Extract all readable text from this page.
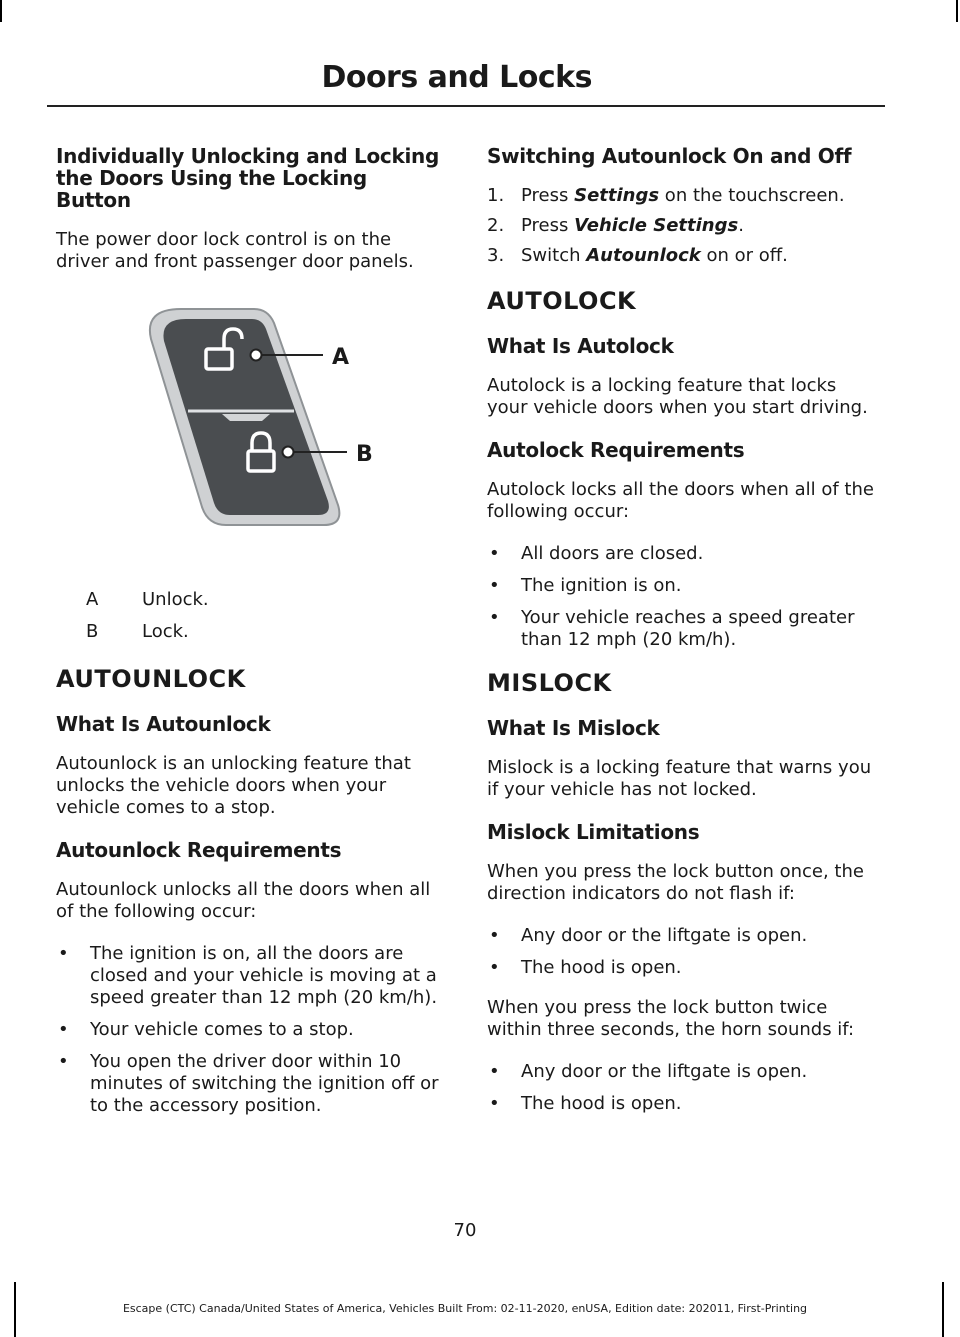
Doors and Locks
Individually Unlocking and Locking the Doors Using the Locking Button

The power door lock control is on the driver and front passenger door panels.

A
B
A	Unlock.
B	Lock.
AUTOUNLOCK
What Is Autounlock

Autounlock is an unlocking feature that unlocks the vehicle doors when your vehicle comes to a stop.

Autounlock Requirements

Autounlock unlocks all the doors when all of the following occur:

• The ignition is on, all the doors are closed and your vehicle is moving at a speed greater than 12 mph (20 km/h).
• Your vehicle comes to a stop.
• You open the driver door within 10 minutes of switching the ignition off or to the accessory position.
Switching Autounlock On and Off
1. Press Settings on the touchscreen.
2. Press Vehicle Settings.
3. Switch Autounlock on or off.
AUTOLOCK
What Is Autolock

Autolock is a locking feature that locks your vehicle doors when you start driving.

Autolock Requirements

Autolock locks all the doors when all of the following occur:

• All doors are closed.
• The ignition is on.
• Your vehicle reaches a speed greater than 12 mph (20 km/h).
MISLOCK
What Is Mislock

Mislock is a locking feature that warns you if your vehicle has not locked.

Mislock Limitations

When you press the lock button once, the direction indicators do not flash if:

• Any door or the liftgate is open.
• The hood is open.

When you press the lock button twice within three seconds, the horn sounds if:

• Any door or the liftgate is open.
• The hood is open.
70
Escape (CTC) Canada/United States of America, Vehicles Built From: 02-11-2020, enUSA, Edition date: 202011, First-Printing
